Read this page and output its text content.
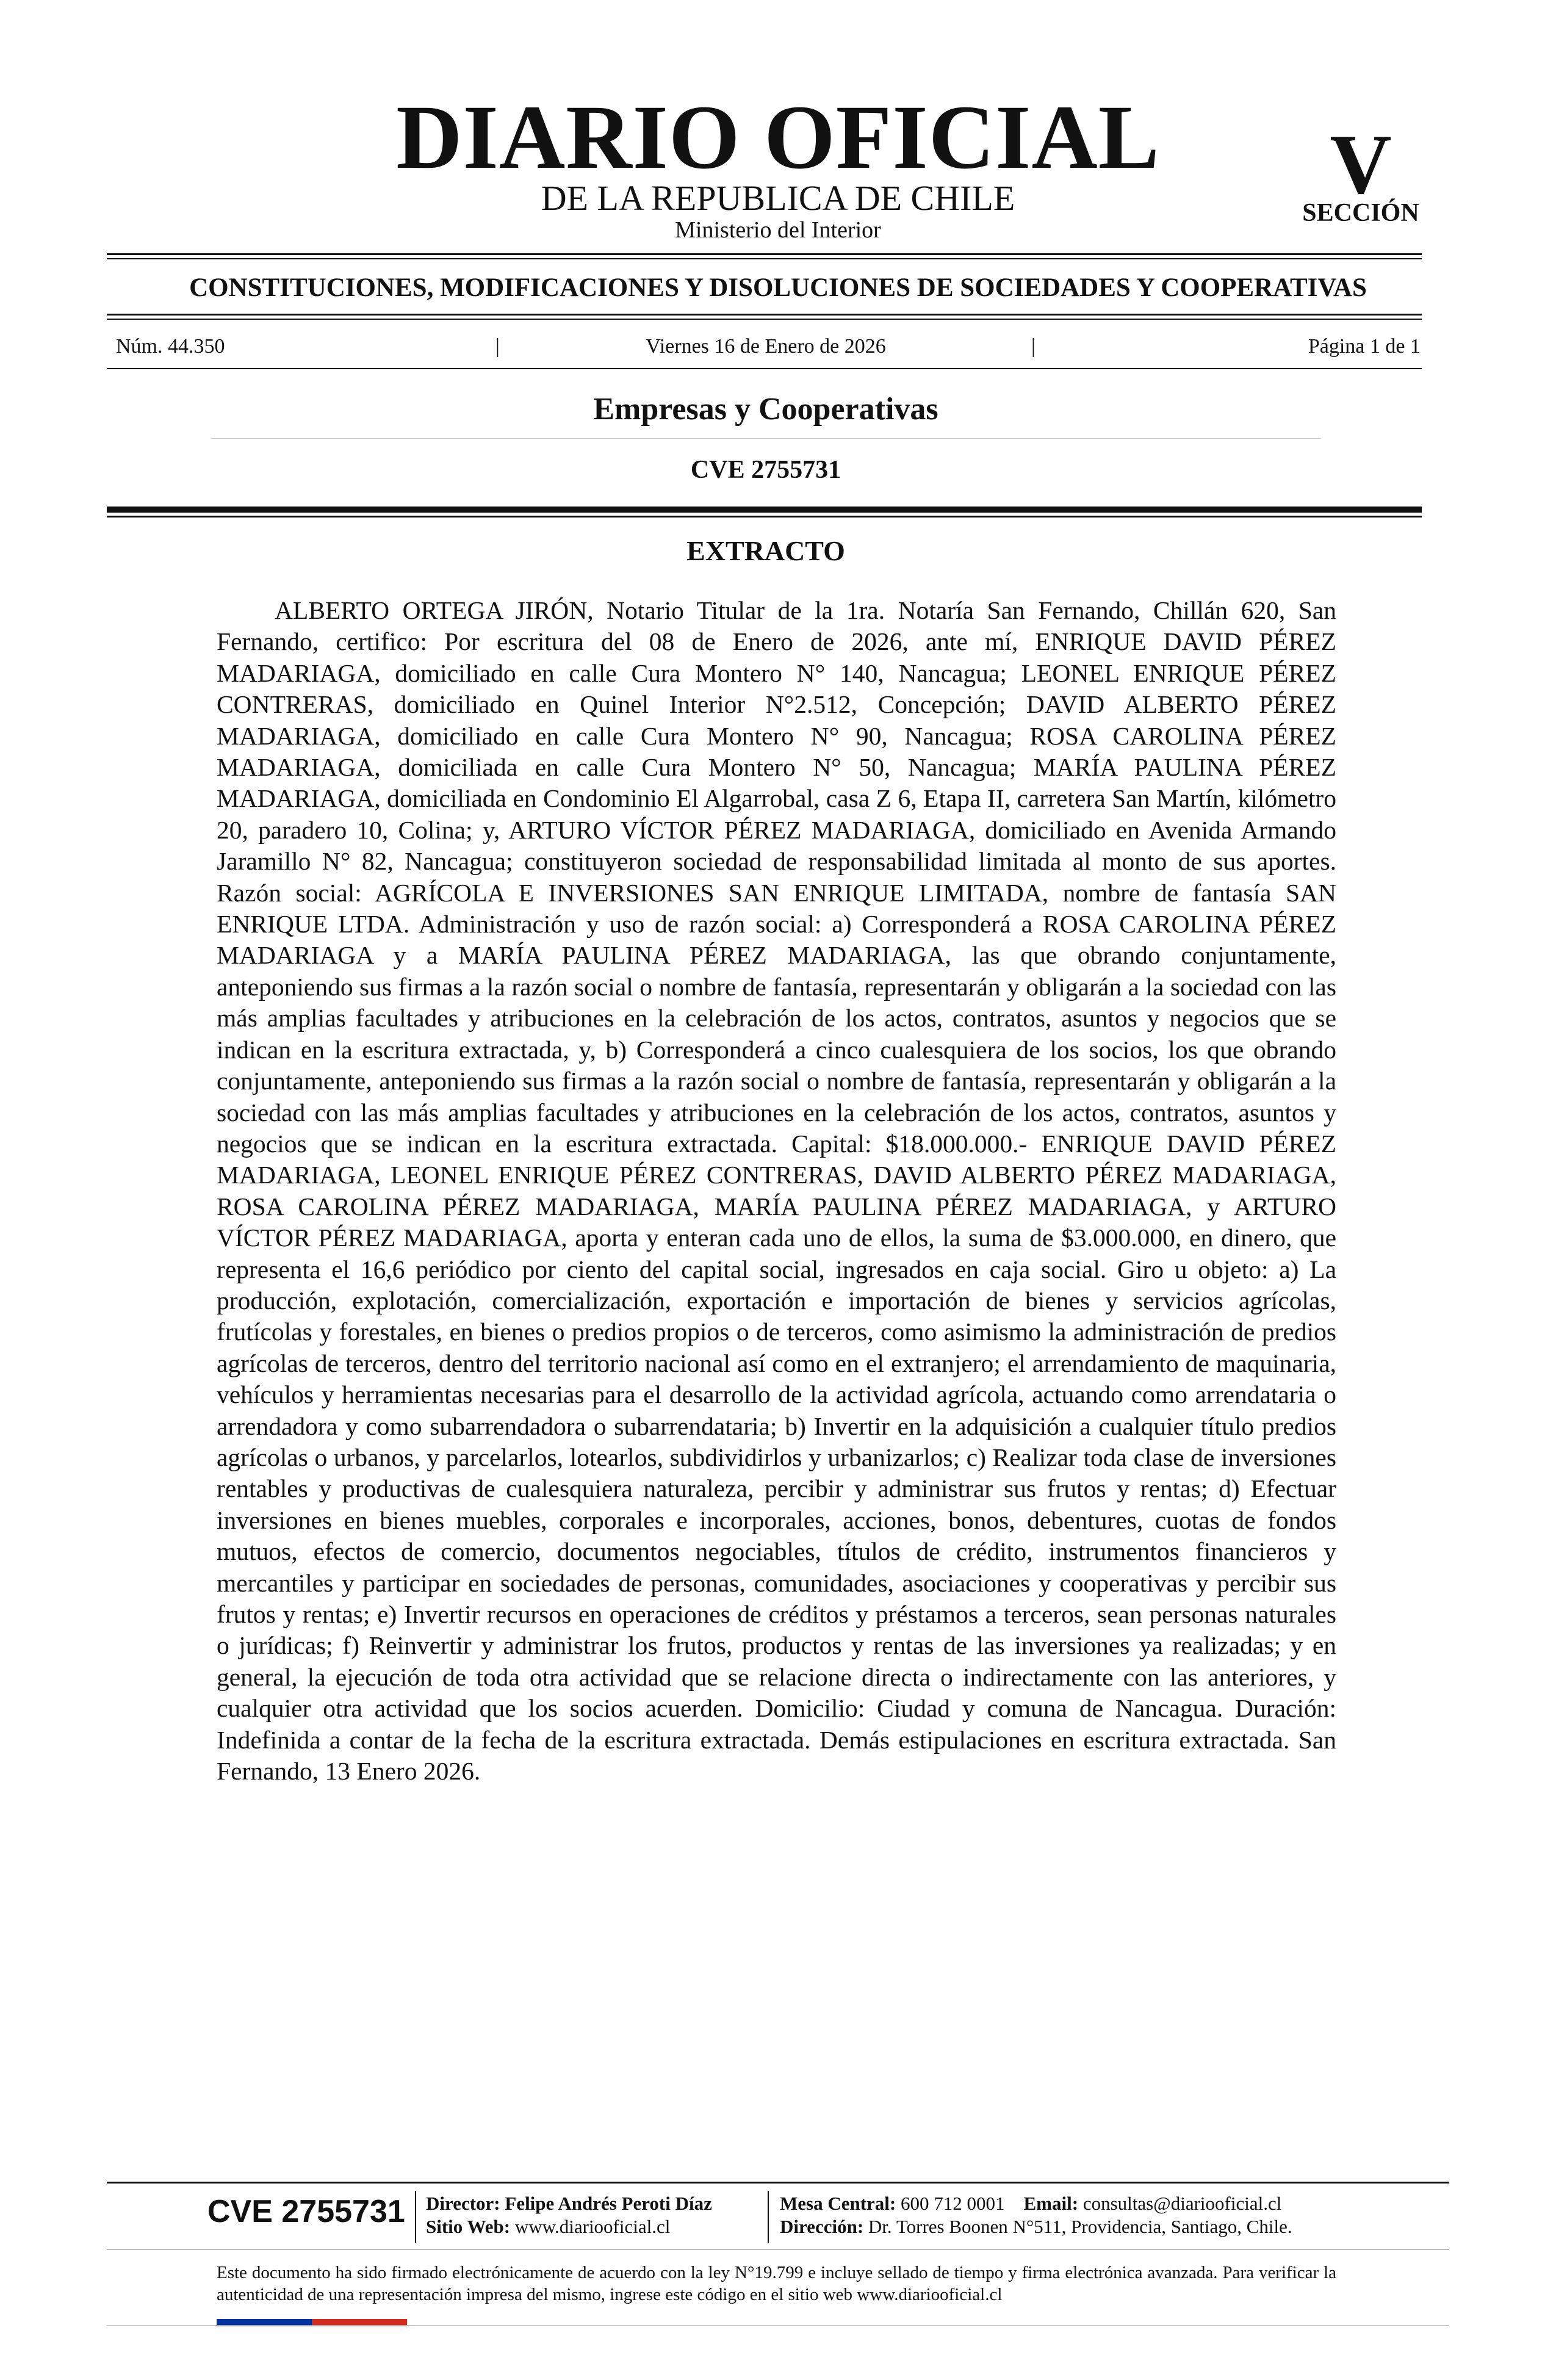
DIARIO OFICIAL
DE LA REPUBLICA DE CHILE
Ministerio del Interior
V
SECCIÓN
CONSTITUCIONES, MODIFICACIONES Y DISOLUCIONES DE SOCIEDADES Y COOPERATIVAS
Núm. 44.350	|	Viernes 16 de Enero de 2026	|	Página 1 de 1
Empresas y Cooperativas
CVE 2755731
EXTRACTO

ALBERTO ORTEGA JIRÓN, Notario Titular de la 1ra. Notaría San Fernando, Chillán 620, San Fernando, certifico: Por escritura del 08 de Enero de 2026, ante mí, ENRIQUE DAVID PÉREZ MADARIAGA, domiciliado en calle Cura Montero N° 140, Nancagua; LEONEL ENRIQUE PÉREZ CONTRERAS, domiciliado en Quinel Interior N°2.512, Concepción; DAVID ALBERTO PÉREZ MADARIAGA, domiciliado en calle Cura Montero N° 90, Nancagua; ROSA CAROLINA PÉREZ MADARIAGA, domiciliada en calle Cura Montero N° 50, Nancagua; MARÍA PAULINA PÉREZ MADARIAGA, domiciliada en Condominio El Algarrobal, casa Z 6, Etapa II, carretera San Martín, kilómetro 20, paradero 10, Colina; y, ARTURO VÍCTOR PÉREZ MADARIAGA, domiciliado en Avenida Armando Jaramillo N° 82, Nancagua; constituyeron sociedad de responsabilidad limitada al monto de sus aportes. Razón social: AGRÍCOLA E INVERSIONES SAN ENRIQUE LIMITADA, nombre de fantasía SAN ENRIQUE LTDA. Administración y uso de razón social: a) Corresponderá a ROSA CAROLINA PÉREZ MADARIAGA y a MARÍA PAULINA PÉREZ MADARIAGA, las que obrando conjuntamente, anteponiendo sus firmas a la razón social o nombre de fantasía, representarán y obligarán a la sociedad con las más amplias facultades y atribuciones en la celebración de los actos, contratos, asuntos y negocios que se indican en la escritura extractada, y, b) Corresponderá a cinco cualesquiera de los socios, los que obrando conjuntamente, anteponiendo sus firmas a la razón social o nombre de fantasía, representarán y obligarán a la sociedad con las más amplias facultades y atribuciones en la celebración de los actos, contratos, asuntos y negocios que se indican en la escritura extractada. Capital: $18.000.000.- ENRIQUE DAVID PÉREZ MADARIAGA, LEONEL ENRIQUE PÉREZ CONTRERAS, DAVID ALBERTO PÉREZ MADARIAGA, ROSA CAROLINA PÉREZ MADARIAGA, MARÍA PAULINA PÉREZ MADARIAGA, y ARTURO VÍCTOR PÉREZ MADARIAGA, aporta y enteran cada uno de ellos, la suma de $3.000.000, en dinero, que representa el 16,6 periódico por ciento del capital social, ingresados en caja social. Giro u objeto: a) La producción, explotación, comercialización, exportación e importación de bienes y servicios agrícolas, frutícolas y forestales, en bienes o predios propios o de terceros, como asimismo la administración de predios agrícolas de terceros, dentro del territorio nacional así como en el extranjero; el arrendamiento de maquinaria, vehículos y herramientas necesarias para el desarrollo de la actividad agrícola, actuando como arrendataria o arrendadora y como subarrendadora o subarrendataria; b) Invertir en la adquisición a cualquier título predios agrícolas o urbanos, y parcelarlos, lotearlos, subdividirlos y urbanizarlos; c) Realizar toda clase de inversiones rentables y productivas de cualesquiera naturaleza, percibir y administrar sus frutos y rentas; d) Efectuar inversiones en bienes muebles, corporales e incorporales, acciones, bonos, debentures, cuotas de fondos mutuos, efectos de comercio, documentos negociables, títulos de crédito, instrumentos financieros y mercantiles y participar en sociedades de personas, comunidades, asociaciones y cooperativas y percibir sus frutos y rentas; e) Invertir recursos en operaciones de créditos y préstamos a terceros, sean personas naturales o jurídicas; f) Reinvertir y administrar los frutos, productos y rentas de las inversiones ya realizadas; y en general, la ejecución de toda otra actividad que se relacione directa o indirectamente con las anteriores, y cualquier otra actividad que los socios acuerden. Domicilio: Ciudad y comuna de Nancagua. Duración: Indefinida a contar de la fecha de la escritura extractada. Demás estipulaciones en escritura extractada. San Fernando, 13 Enero 2026.

CVE 2755731 Director: Felipe Andrés Peroti Díaz
Sitio Web: www.diariooficial.cl
Mesa Central: 600 712 0001 Email: consultas@diariooficial.cl
Dirección: Dr. Torres Boonen N°511, Providencia, Santiago, Chile.

Este documento ha sido firmado electrónicamente de acuerdo con la ley N°19.799 e incluye sellado de tiempo y firma electrónica avanzada. Para verificar la autenticidad de una representación impresa del mismo, ingrese este código en el sitio web www.diariooficial.cl
